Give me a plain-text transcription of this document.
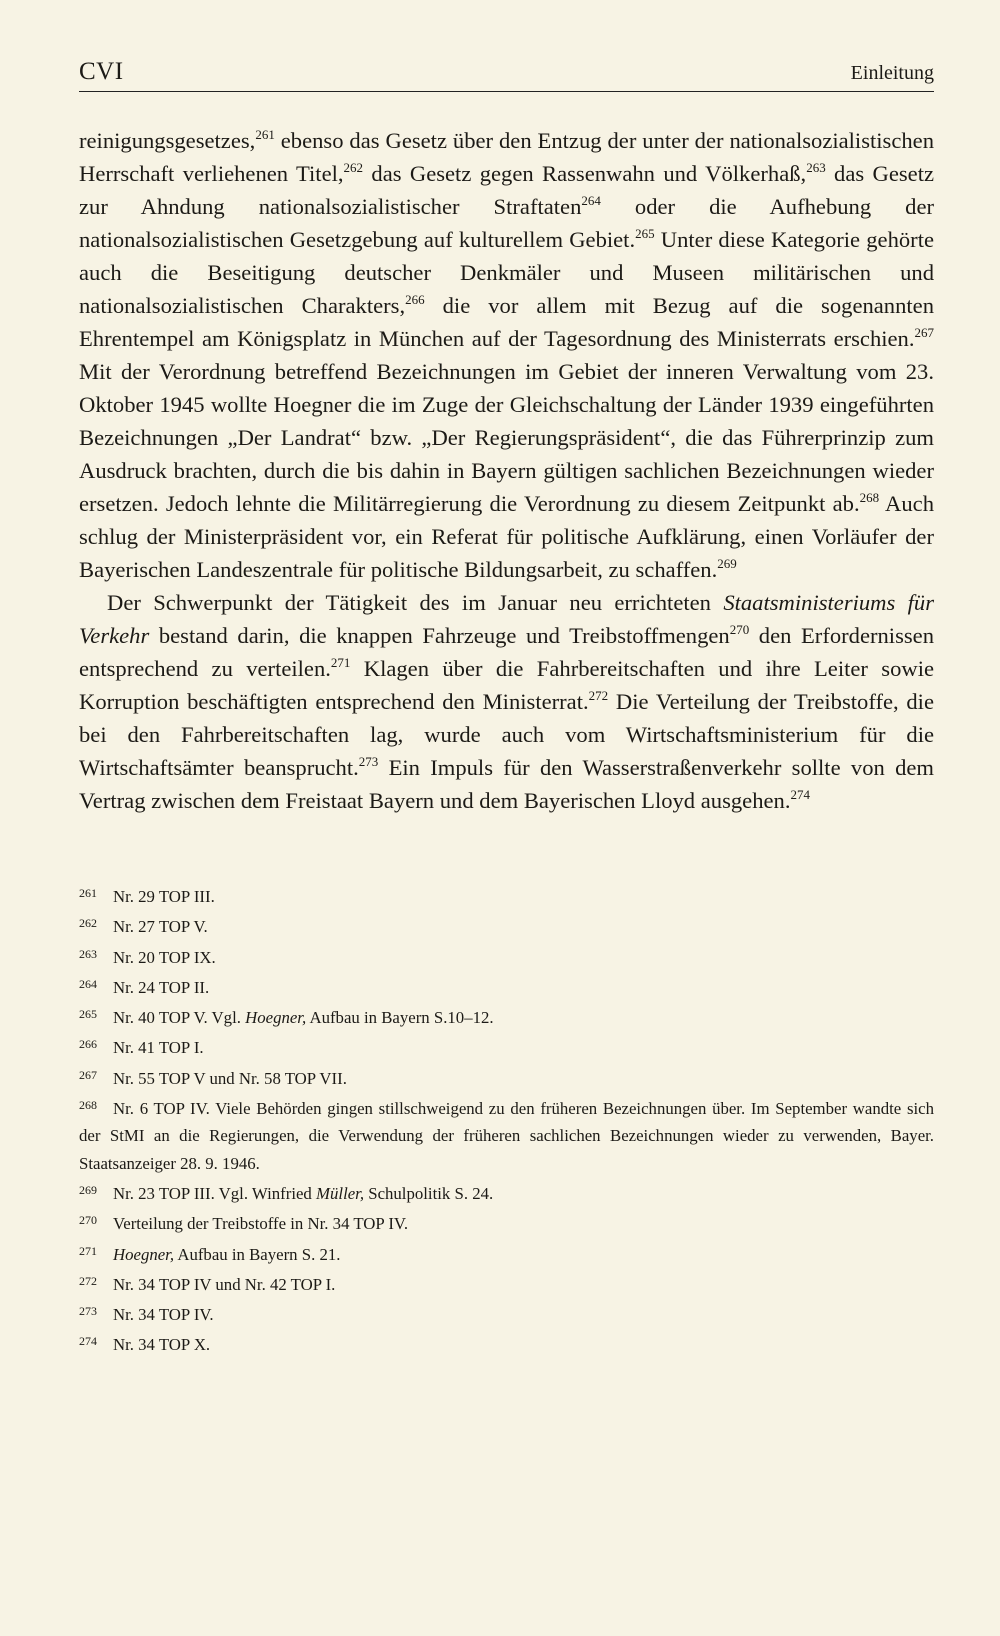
CVI	Einleitung

reinigungsgesetzes,$^{261}$ ebenso das Gesetz über den Entzug der unter der nationalsozialistischen Herrschaft verliehenen Titel,$^{262}$ das Gesetz gegen Rassenwahn und Völkerhaß,$^{263}$ das Gesetz zur Ahndung nationalsozialistischer Straftaten$^{264}$ oder die Aufhebung der nationalsozialistischen Gesetzgebung auf kulturellem Gebiet.$^{265}$ Unter diese Kategorie gehörte auch die Beseitigung deutscher Denkmäler und Museen militärischen und nationalsozialistischen Charakters,$^{266}$ die vor allem mit Bezug auf die sogenannten Ehrentempel am Königsplatz in München auf der Tagesordnung des Ministerrats erschien.$^{267}$ Mit der Verordnung betreffend Bezeichnungen im Gebiet der inneren Verwaltung vom 23. Oktober 1945 wollte Hoegner die im Zuge der Gleichschaltung der Länder 1939 eingeführten Bezeichnungen „Der Landrat“ bzw. „Der Regierungspräsident“, die das Führerprinzip zum Ausdruck brachten, durch die bis dahin in Bayern gültigen sachlichen Bezeichnungen wieder ersetzen. Jedoch lehnte die Militärregierung die Verordnung zu diesem Zeitpunkt ab.$^{268}$ Auch schlug der Ministerpräsident vor, ein Referat für politische Aufklärung, einen Vorläufer der Bayerischen Landeszentrale für politische Bildungsarbeit, zu schaffen.$^{269}$

Der Schwerpunkt der Tätigkeit des im Januar neu errichteten Staatsministeriums für Verkehr bestand darin, die knappen Fahrzeuge und Treibstoffmengen$^{270}$ den Erfordernissen entsprechend zu verteilen.$^{271}$ Klagen über die Fahrbereitschaften und ihre Leiter sowie Korruption beschäftigten entsprechend den Ministerrat.$^{272}$ Die Verteilung der Treibstoffe, die bei den Fahrbereitschaften lag, wurde auch vom Wirtschaftsministerium für die Wirtschaftsämter beansprucht.$^{273}$ Ein Impuls für den Wasserstraßenverkehr sollte von dem Vertrag zwischen dem Freistaat Bayern und dem Bayerischen Lloyd ausgehen.$^{274}$

261 Nr. 29 TOP III.
262 Nr. 27 TOP V.
263 Nr. 20 TOP IX.
264 Nr. 24 TOP II.
265 Nr. 40 TOP V. Vgl. Hoegner, Aufbau in Bayern S.10–12.
266 Nr. 41 TOP I.
267 Nr. 55 TOP V und Nr. 58 TOP VII.
268 Nr. 6 TOP IV. Viele Behörden gingen stillschweigend zu den früheren Bezeichnungen über. Im September wandte sich der StMI an die Regierungen, die Verwendung der früheren sachlichen Bezeichnungen wieder zu verwenden, Bayer. Staatsanzeiger 28. 9. 1946.
269 Nr. 23 TOP III. Vgl. Winfried Müller, Schulpolitik S. 24.
270 Verteilung der Treibstoffe in Nr. 34 TOP IV.
271 Hoegner, Aufbau in Bayern S. 21.
272 Nr. 34 TOP IV und Nr. 42 TOP I.
273 Nr. 34 TOP IV.
274 Nr. 34 TOP X.
